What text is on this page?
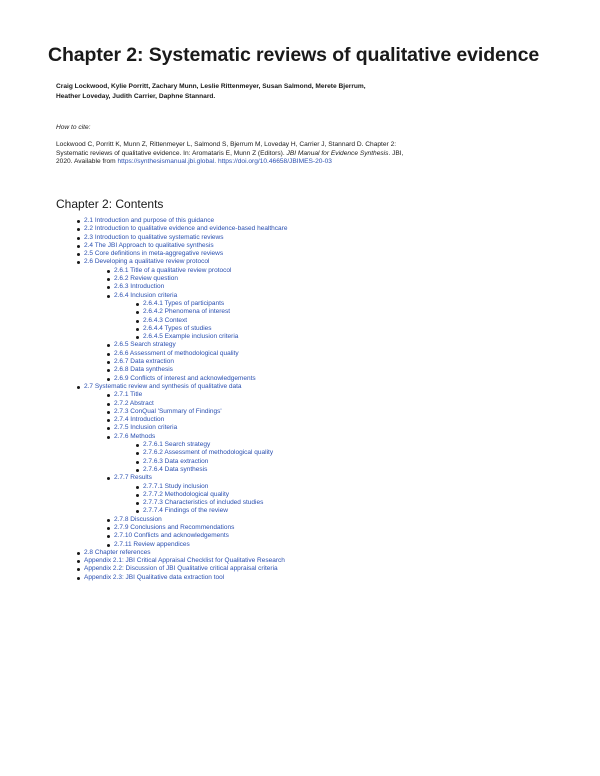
Chapter 2: Systematic reviews of qualitative evidence

Craig Lockwood, Kylie Porritt, Zachary Munn, Leslie Rittenmeyer, Susan Salmond, Merete Bjerrum, Heather Loveday, Judith Carrier, Daphne Stannard.

How to cite:

Lockwood C, Porritt K, Munn Z, Rittenmeyer L, Salmond S, Bjerrum M, Loveday H, Carrier J, Stannard D. Chapter 2: Systematic reviews of qualitative evidence. In: Aromataris E, Munn Z (Editors). JBI Manual for Evidence Synthesis. JBI, 2020. Available from https://synthesismanual.jbi.global. https://doi.org/10.46658/JBIMES-20-03

Chapter 2: Contents
2.1 Introduction and purpose of this guidance
2.2 Introduction to qualitative evidence and evidence-based healthcare
2.3 Introduction to qualitative systematic reviews
2.4 The JBI Approach to qualitative synthesis
2.5 Core definitions in meta-aggregative reviews
2.6 Developing a qualitative review protocol
2.6.1 Title of a qualitative review protocol
2.6.2 Review question
2.6.3 Introduction
2.6.4 Inclusion criteria
2.6.4.1 Types of participants
2.6.4.2 Phenomena of interest
2.6.4.3 Context
2.6.4.4 Types of studies
2.6.4.5 Example inclusion criteria
2.6.5 Search strategy
2.6.6 Assessment of methodological quality
2.6.7 Data extraction
2.6.8 Data synthesis
2.6.9 Conflicts of interest and acknowledgements
2.7 Systematic review and synthesis of qualitative data
2.7.1 Title
2.7.2 Abstract
2.7.3 ConQual 'Summary of Findings'
2.7.4 Introduction
2.7.5 Inclusion criteria
2.7.6 Methods
2.7.6.1 Search strategy
2.7.6.2 Assessment of methodological quality
2.7.6.3 Data extraction
2.7.6.4 Data synthesis
2.7.7 Results
2.7.7.1 Study inclusion
2.7.7.2 Methodological quality
2.7.7.3 Characteristics of included studies
2.7.7.4 Findings of the review
2.7.8 Discussion
2.7.9 Conclusions and Recommendations
2.7.10 Conflicts and acknowledgements
2.7.11 Review appendices
2.8 Chapter references
Appendix 2.1: JBI Critical Appraisal Checklist for Qualitative Research
Appendix 2.2: Discussion of JBI Qualitative critical appraisal criteria
Appendix 2.3: JBI Qualitative data extraction tool
